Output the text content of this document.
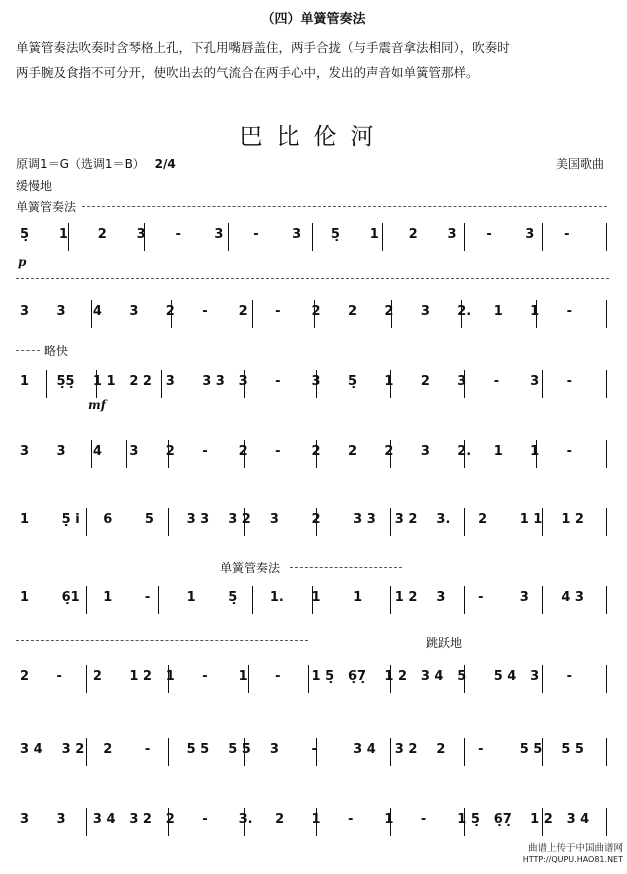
（四）单簧管奏法
单簧管奏法吹奏时含琴格上孔，下孔用嘴唇盖住，两手合拢（与手震音拿法相同），吹奏时
两手腕及食指不可分开，使吹出去的气流合在两手心中，发出的声音如单簧管那样。
巴比伦河
原调1＝G（选调1＝B） 2/4	美国歌曲
缓慢地
单簧管奏法
5̣ 1 2 3 -	3 -	3 5̣ 1 2 3 -	3 -
3 3 4 3 2 - 2 - 2 2 2 3 2. 1 1 -
1 5̣5̣ 1 1 2 2 3 3 3 3 - 3 5̣ 1 2 3 - 3 -
3 3 4 3 2 - 2 - 2 2 2 3 2. 1 1 -
1	5̣ i 6	5	3 3 3 2 3	2	3 3 3 2 3. 2	1 1 1 2
1	6̣1 1	-	1	5̣	1. 1	1	1 2 3	-	3	4 3
2 - 2 1 2 1 - 1 - 1 5̣ 6̣7̣ 1 2 3 4 5 5 4 3 -
3 4 3 2 2	-	5 5 5 5 3	-	3 4 3 2 2	-	5 5 5 5
3 3 3 4 3 2 2 - 3. 2 1 - 1 - 1 5̣ 6̣7̣ 1 2 3 4
p
略快
mf
单簧管奏法
跳跃地
曲谱上传于中国曲谱网
HTTP://QUPU.HAO81.NET
